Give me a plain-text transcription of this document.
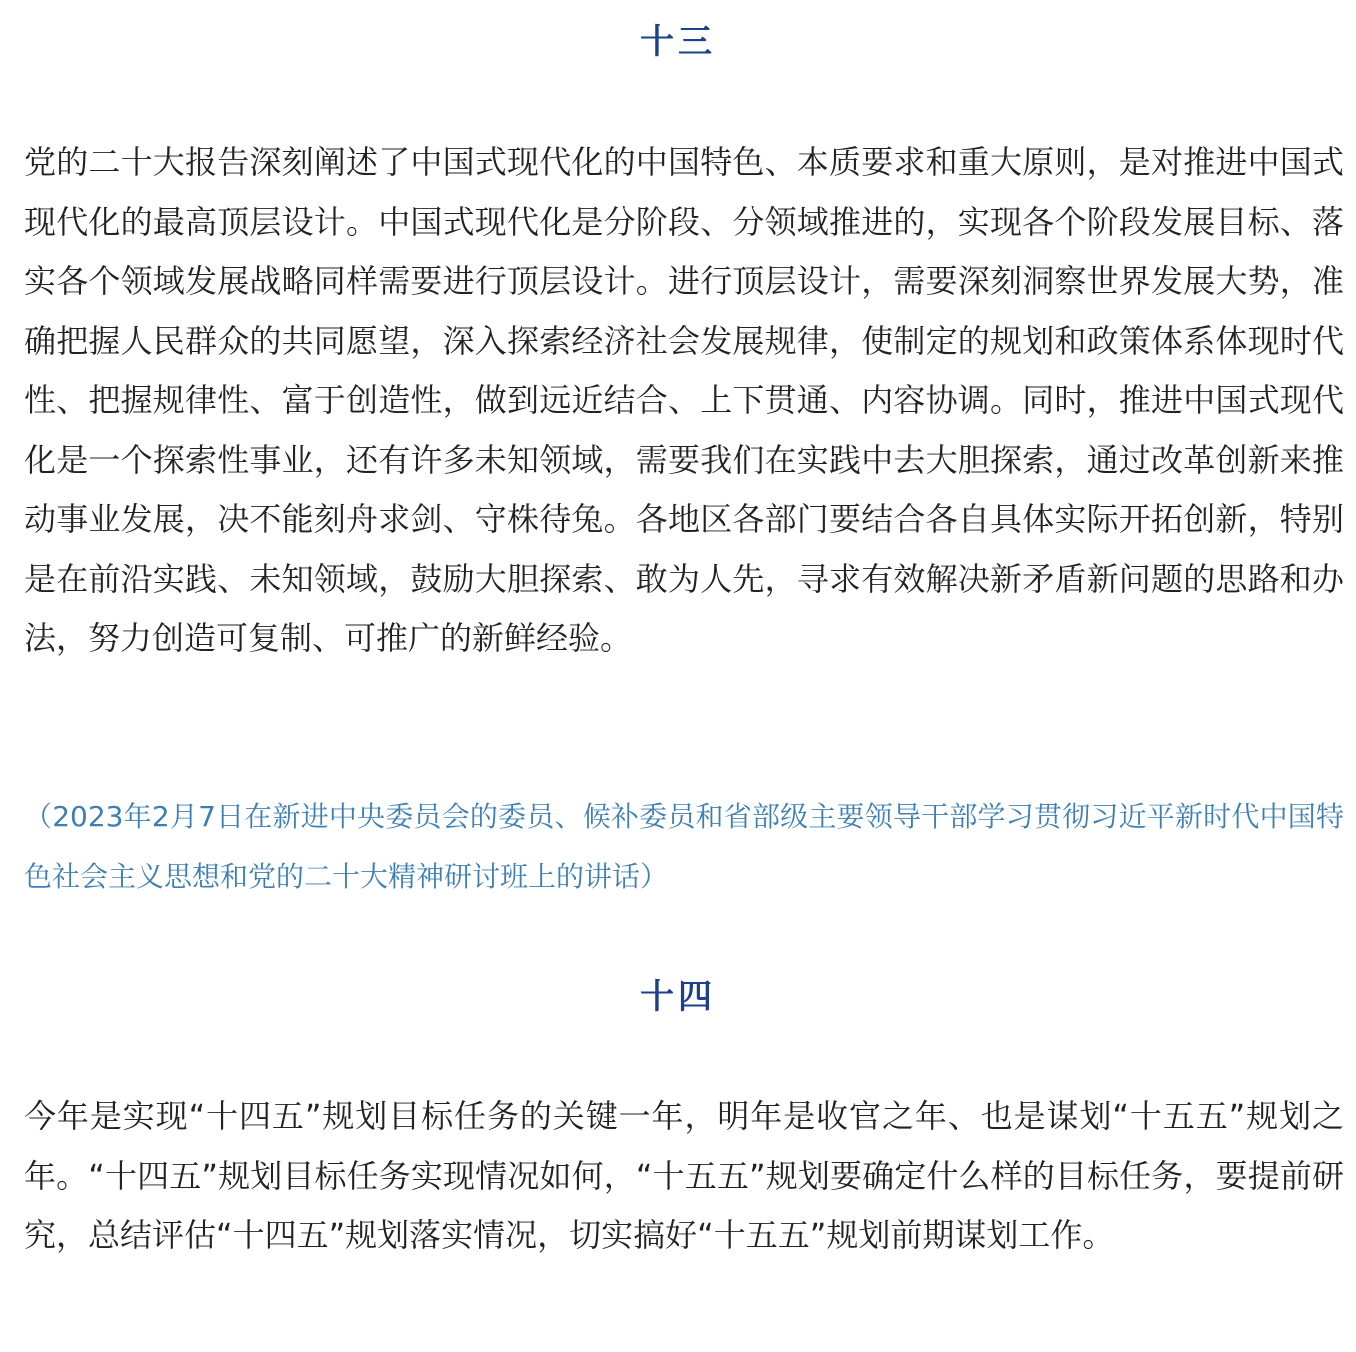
十三

党的二十大报告深刻阐述了中国式现代化的中国特色、本质要求和重大原则，是对推进中国式现代化的最高顶层设计。中国式现代化是分阶段、分领域推进的，实现各个阶段发展目标、落实各个领域发展战略同样需要进行顶层设计。进行顶层设计，需要深刻洞察世界发展大势，准确把握人民群众的共同愿望，深入探索经济社会发展规律，使制定的规划和政策体系体现时代性、把握规律性、富于创造性，做到远近结合、上下贯通、内容协调。同时，推进中国式现代化是一个探索性事业，还有许多未知领域，需要我们在实践中去大胆探索，通过改革创新来推动事业发展，决不能刻舟求剑、守株待兔。各地区各部门要结合各自具体实际开拓创新，特别是在前沿实践、未知领域，鼓励大胆探索、敢为人先，寻求有效解决新矛盾新问题的思路和办法，努力创造可复制、可推广的新鲜经验。

（2023年2月7日在新进中央委员会的委员、候补委员和省部级主要领导干部学习贯彻习近平新时代中国特色社会主义思想和党的二十大精神研讨班上的讲话）

十四

今年是实现“十四五”规划目标任务的关键一年，明年是收官之年、也是谋划“十五五”规划之年。“十四五”规划目标任务实现情况如何，“十五五”规划要确定什么样的目标任务，要提前研究，总结评估“十四五”规划落实情况，切实搞好“十五五”规划前期谋划工作。
